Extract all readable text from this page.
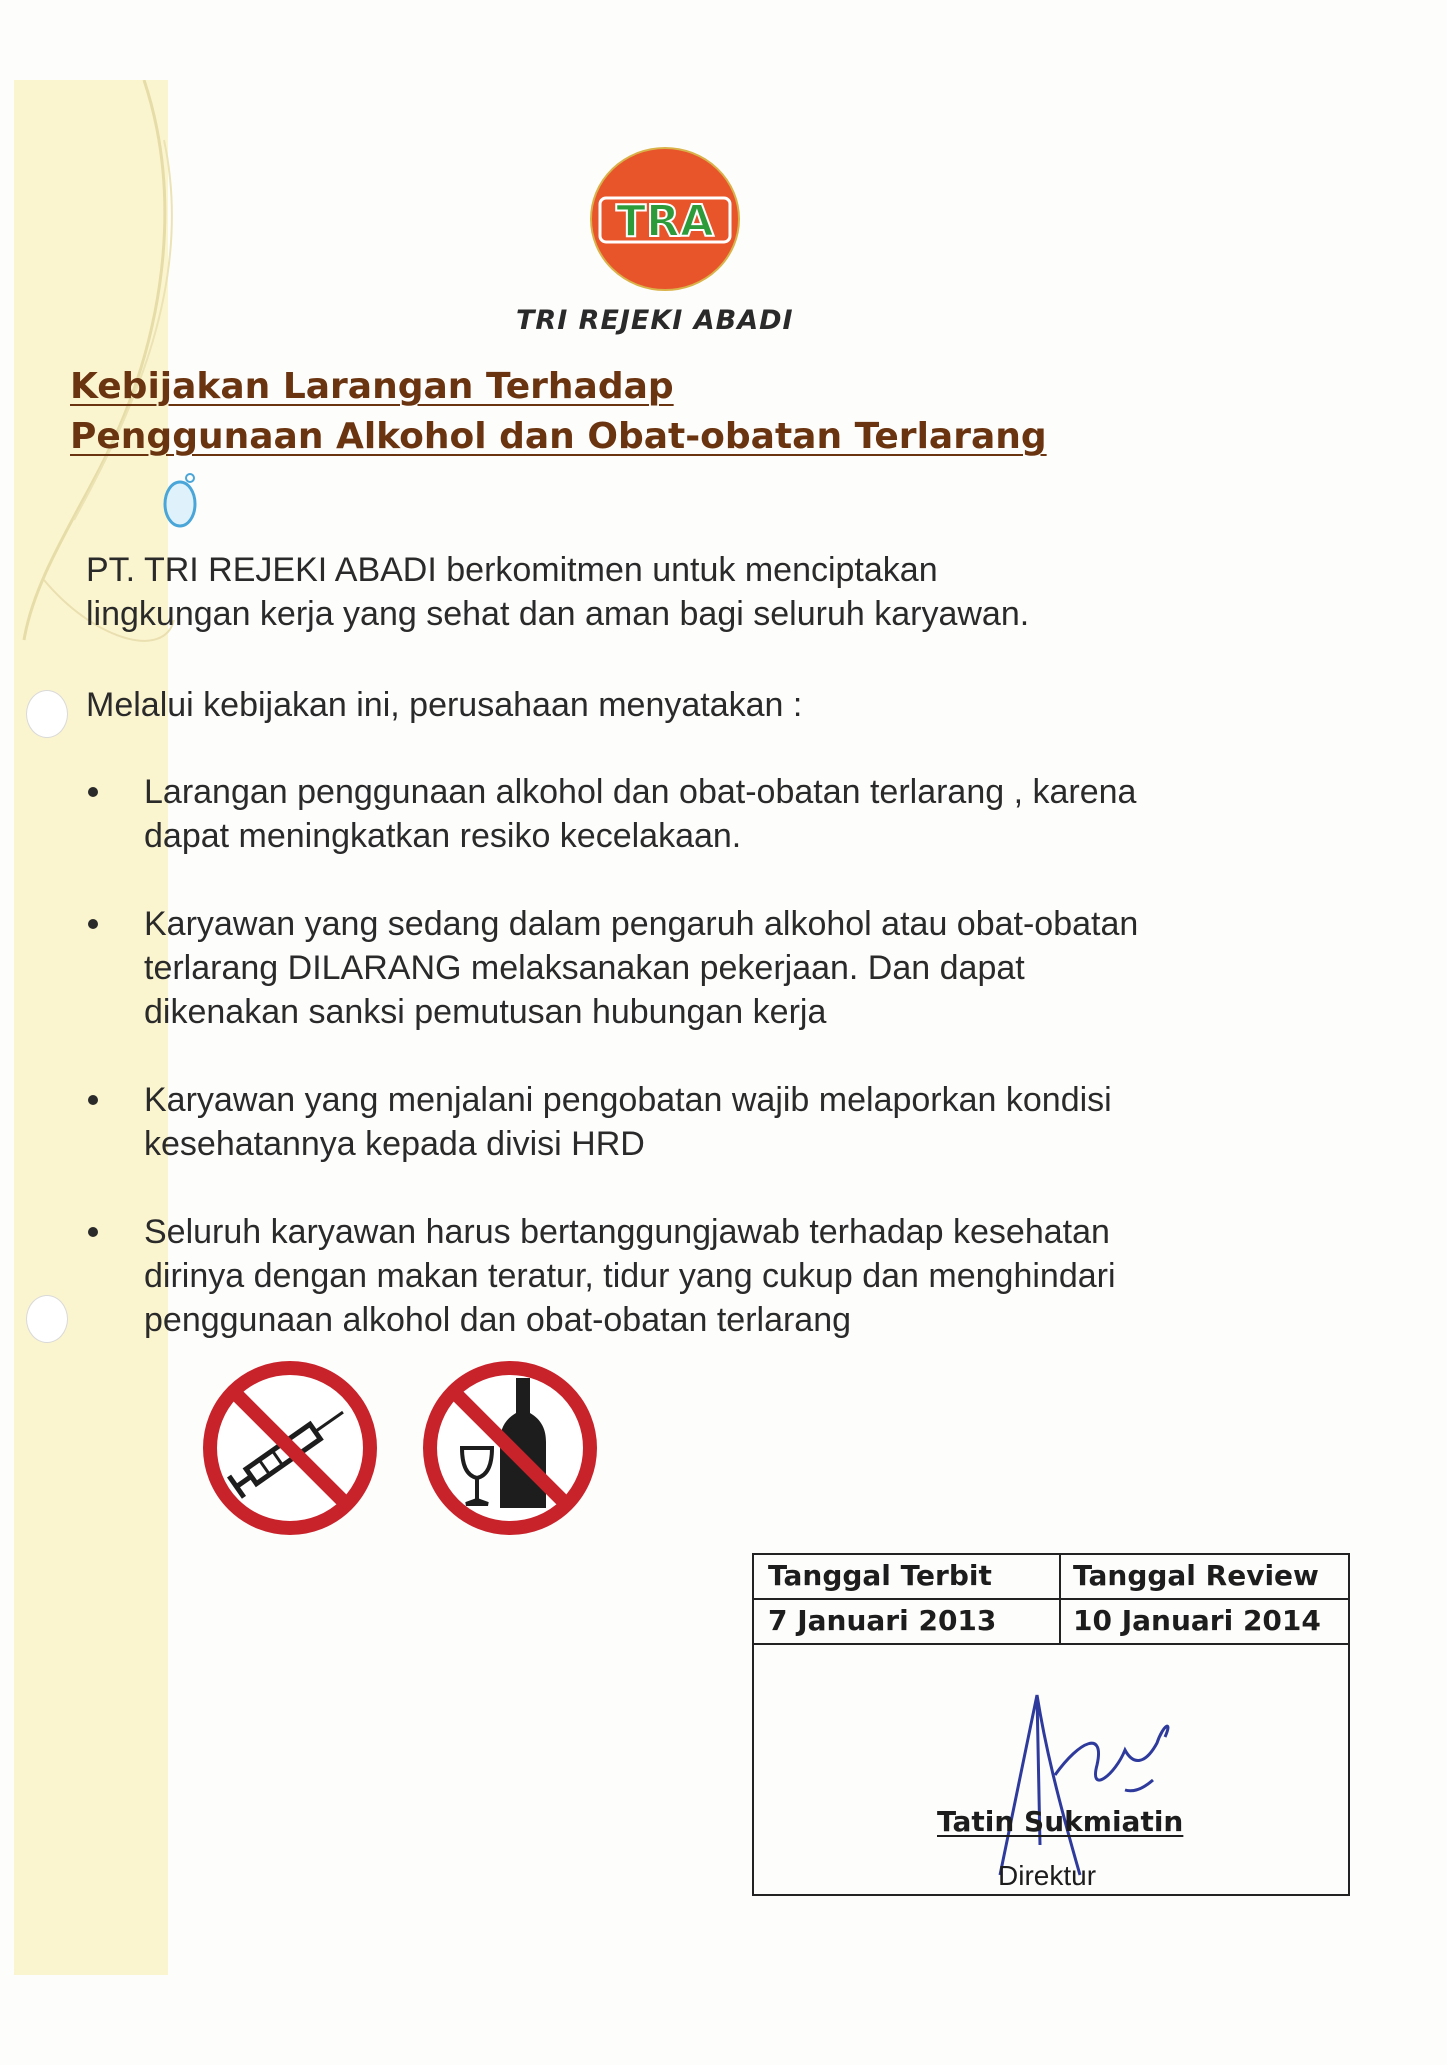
TRA
TRI REJEKI ABADI
Kebijakan Larangan Terhadap
Penggunaan Alkohol dan Obat-obatan Terlarang
PT. TRI REJEKI ABADI berkomitmen untuk menciptakan
lingkungan kerja yang sehat dan aman bagi seluruh karyawan.
Melalui kebijakan ini, perusahaan menyatakan :
Larangan penggunaan alkohol dan obat-obatan terlarang , karena
dapat meningkatkan resiko kecelakaan.
Karyawan yang sedang dalam pengaruh alkohol atau obat-obatan
terlarang DILARANG melaksanakan pekerjaan. Dan dapat
dikenakan sanksi pemutusan hubungan kerja
Karyawan yang menjalani pengobatan wajib melaporkan kondisi
kesehatannya kepada divisi HRD
Seluruh karyawan harus bertanggungjawab terhadap kesehatan
dirinya dengan makan teratur, tidur yang cukup dan menghindari
penggunaan alkohol dan obat-obatan terlarang
Tanggal Terbit	Tanggal Review
7 Januari 2013	10 Januari 2014
Tatin Sukmiatin
Direktur
